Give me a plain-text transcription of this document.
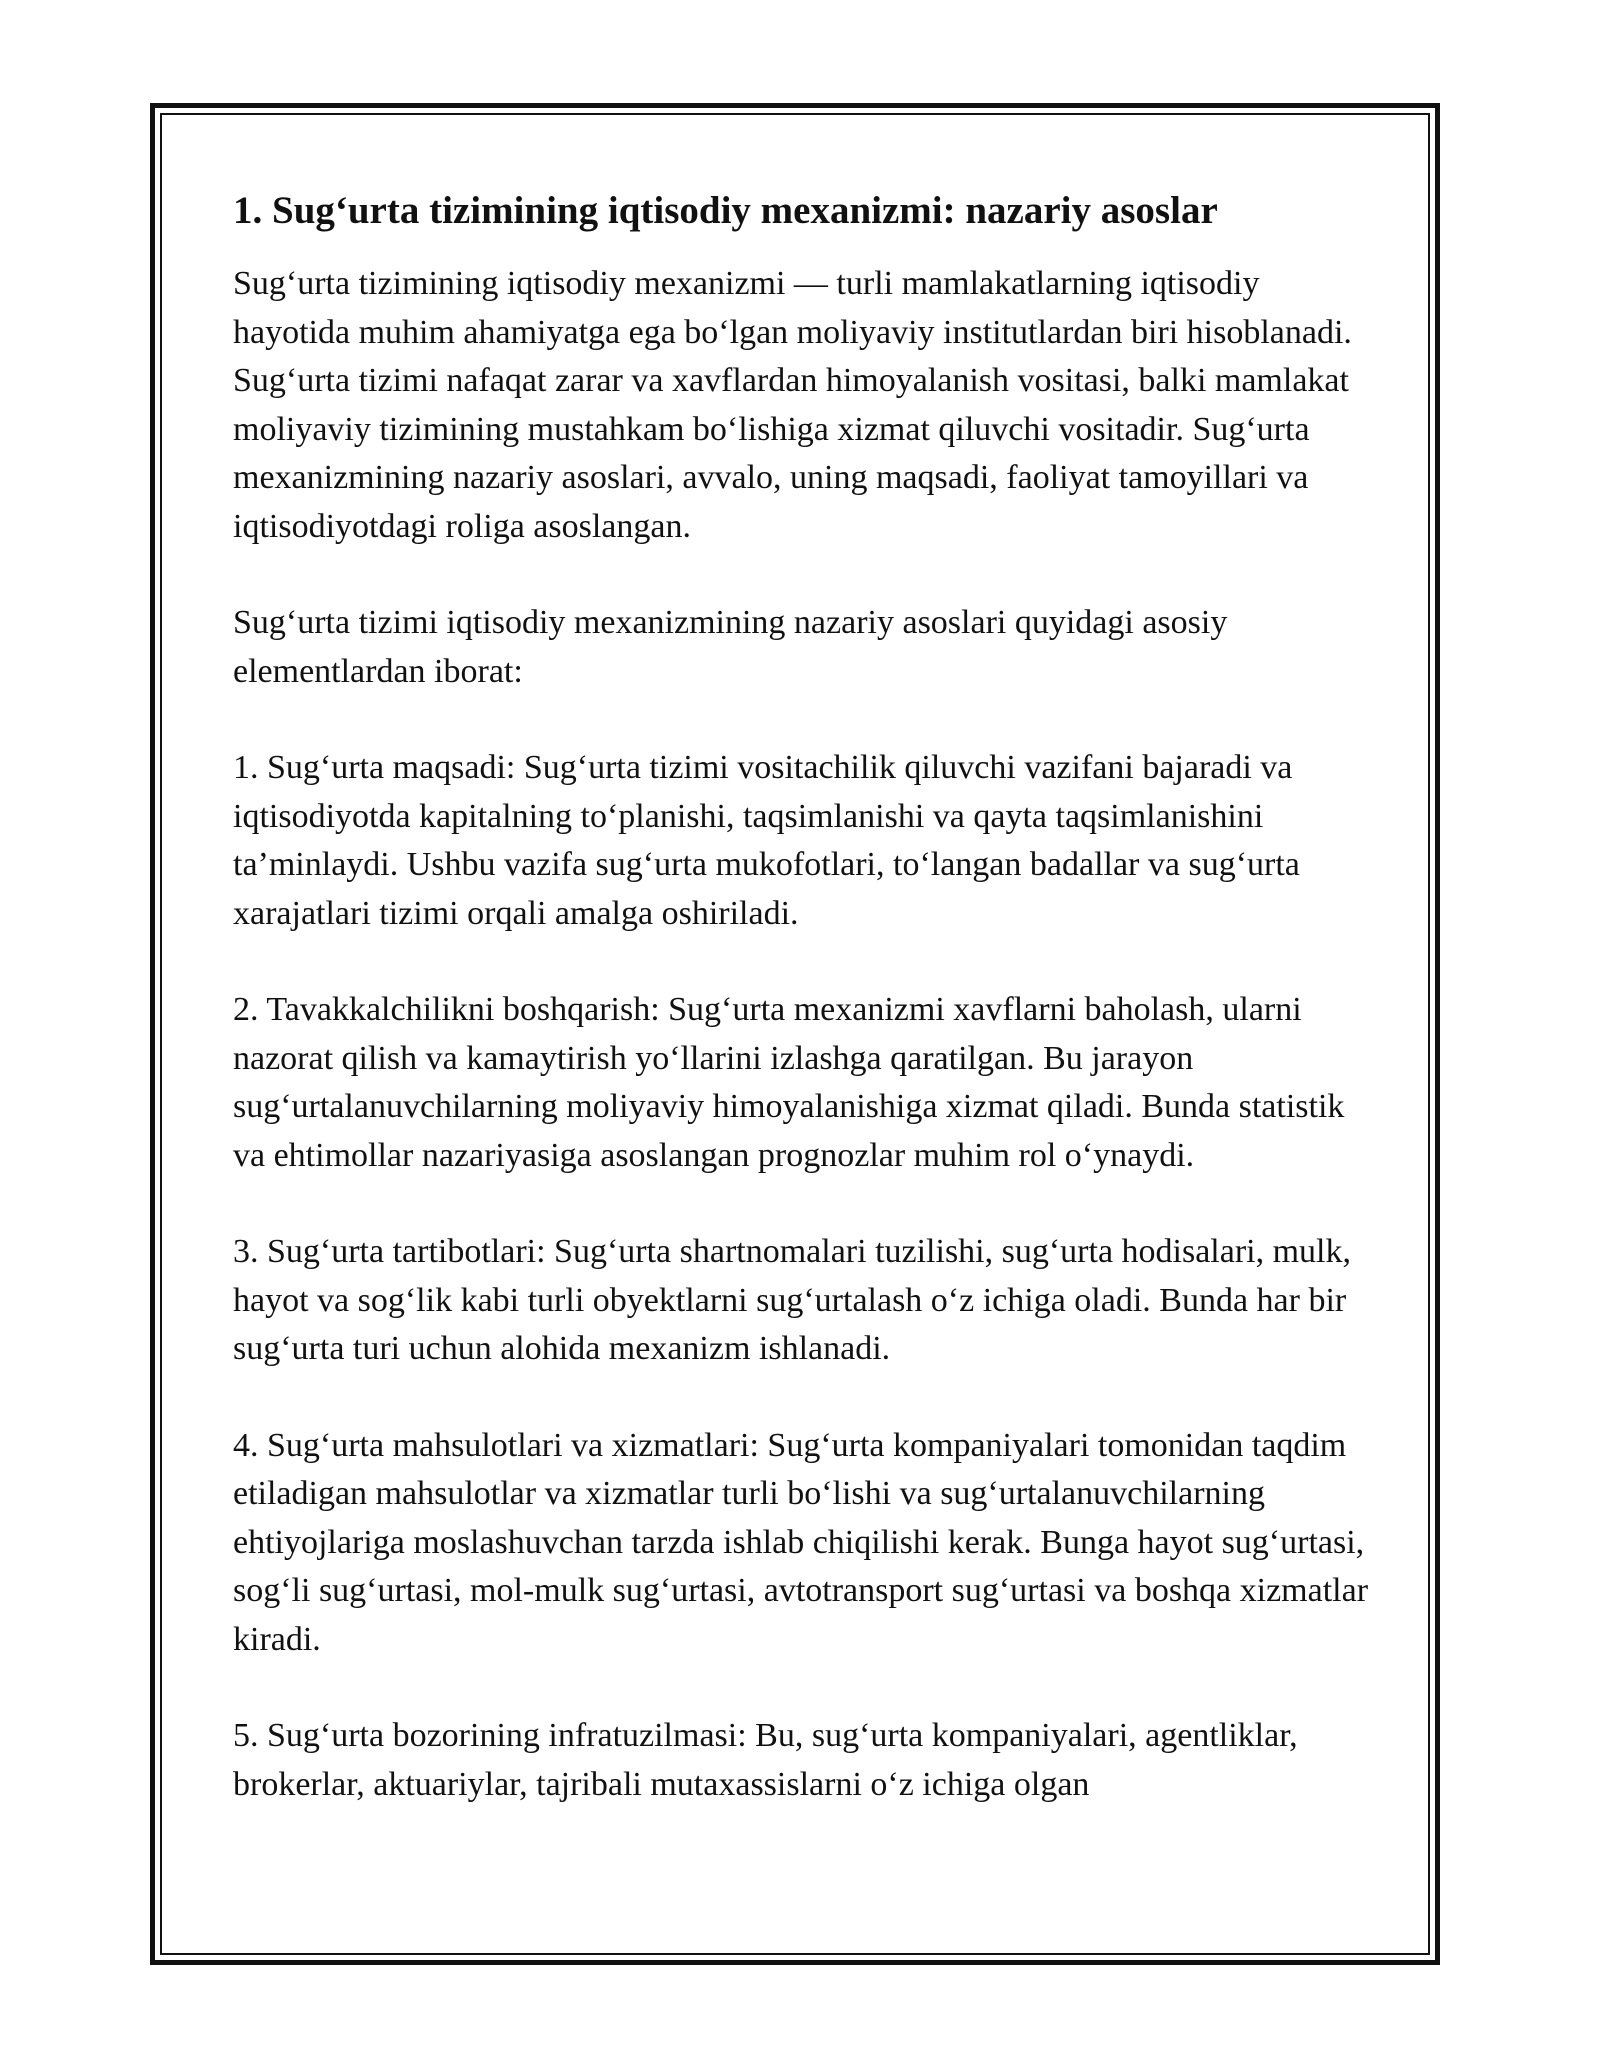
1. Sug‘urta tizimining iqtisodiy mexanizmi: nazariy asoslar

Sug‘urta tizimining iqtisodiy mexanizmi — turli mamlakatlarning iqtisodiy hayotida muhim ahamiyatga ega bo‘lgan moliyaviy institutlardan biri hisoblanadi. Sug‘urta tizimi nafaqat zarar va xavflardan himoyalanish vositasi, balki mamlakat moliyaviy tizimining mustahkam bo‘lishiga xizmat qiluvchi vositadir. Sug‘urta mexanizmining nazariy asoslari, avvalo, uning maqsadi, faoliyat tamoyillari va iqtisodiyotdagi roliga asoslangan.

Sug‘urta tizimi iqtisodiy mexanizmining nazariy asoslari quyidagi asosiy elementlardan iborat:

1. Sug‘urta maqsadi: Sug‘urta tizimi vositachilik qiluvchi vazifani bajaradi va iqtisodiyotda kapitalning to‘planishi, taqsimlanishi va qayta taqsimlanishini ta’minlaydi. Ushbu vazifa sug‘urta mukofotlari, to‘langan badallar va sug‘urta xarajatlari tizimi orqali amalga oshiriladi.

2. Tavakkalchilikni boshqarish: Sug‘urta mexanizmi xavflarni baholash, ularni nazorat qilish va kamaytirish yo‘llarini izlashga qaratilgan. Bu jarayon sug‘urtalanuvchilarning moliyaviy himoyalanishiga xizmat qiladi. Bunda statistik va ehtimollar nazariyasiga asoslangan prognozlar muhim rol o‘ynaydi.

3. Sug‘urta tartibotlari: Sug‘urta shartnomalari tuzilishi, sug‘urta hodisalari, mulk, hayot va sog‘lik kabi turli obyektlarni sug‘urtalash o‘z ichiga oladi. Bunda har bir sug‘urta turi uchun alohida mexanizm ishlanadi.

4. Sug‘urta mahsulotlari va xizmatlari: Sug‘urta kompaniyalari tomonidan taqdim etiladigan mahsulotlar va xizmatlar turli bo‘lishi va sug‘urtalanuvchilarning ehtiyojlariga moslashuvchan tarzda ishlab chiqilishi kerak. Bunga hayot sug‘urtasi, sog‘li sug‘urtasi, mol-mulk sug‘urtasi, avtotransport sug‘urtasi va boshqa xizmatlar kiradi.

5. Sug‘urta bozorining infratuzilmasi: Bu, sug‘urta kompaniyalari, agentliklar, brokerlar, aktuariylar, tajribali mutaxassislarni o‘z ichiga olgan
